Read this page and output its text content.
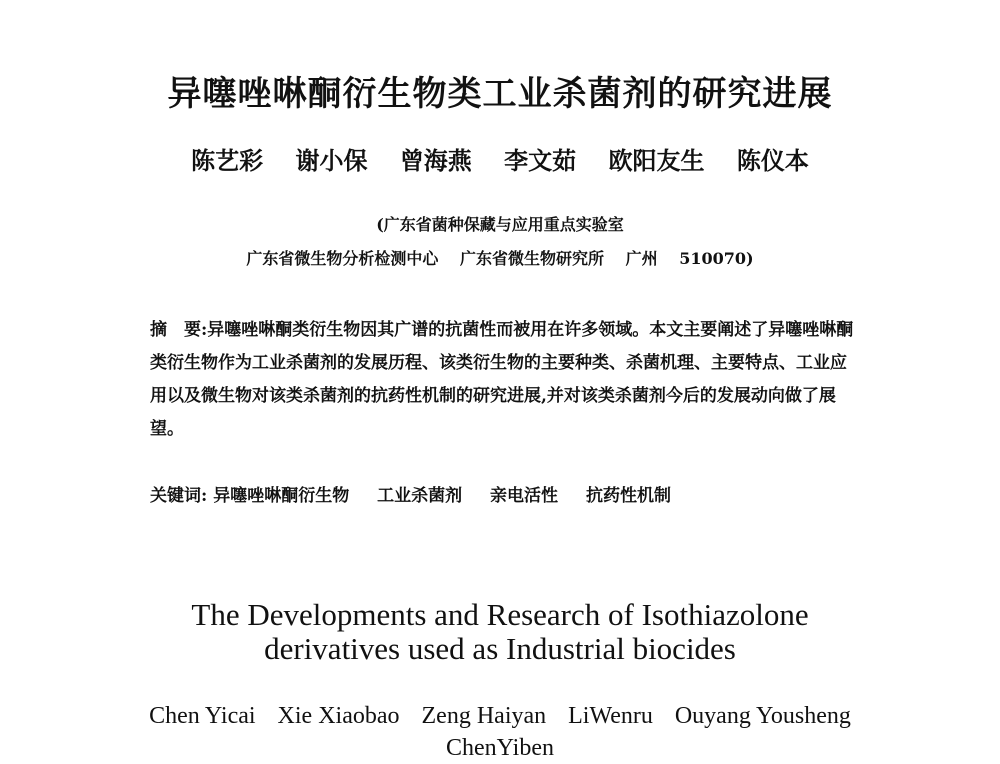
异噻唑啉酮衍生物类工业杀菌剂的研究进展
陈艺彩 谢小保 曾海燕 李文茹 欧阳友生 陈仪本
(广东省菌种保藏与应用重点实验室
广东省微生物分析检测中心 广东省微生物研究所 广州 510070)
摘　要:异噻唑啉酮类衍生物因其广谱的抗菌性而被用在许多领域。本文主要阐述了异噻唑啉酮类衍生物作为工业杀菌剂的发展历程、该类衍生物的主要种类、杀菌机理、主要特点、工业应用以及微生物对该类杀菌剂的抗药性机制的研究进展,并对该类杀菌剂今后的发展动向做了展望。
关键词: 异噻唑啉酮衍生物 工业杀菌剂 亲电活性 抗药性机制
The Developments and Research of Isothiazolone
derivatives used as Industrial biocides
Chen Yicai Xie Xiaobao Zeng Haiyan LiWenru Ouyang Yousheng
ChenYiben
